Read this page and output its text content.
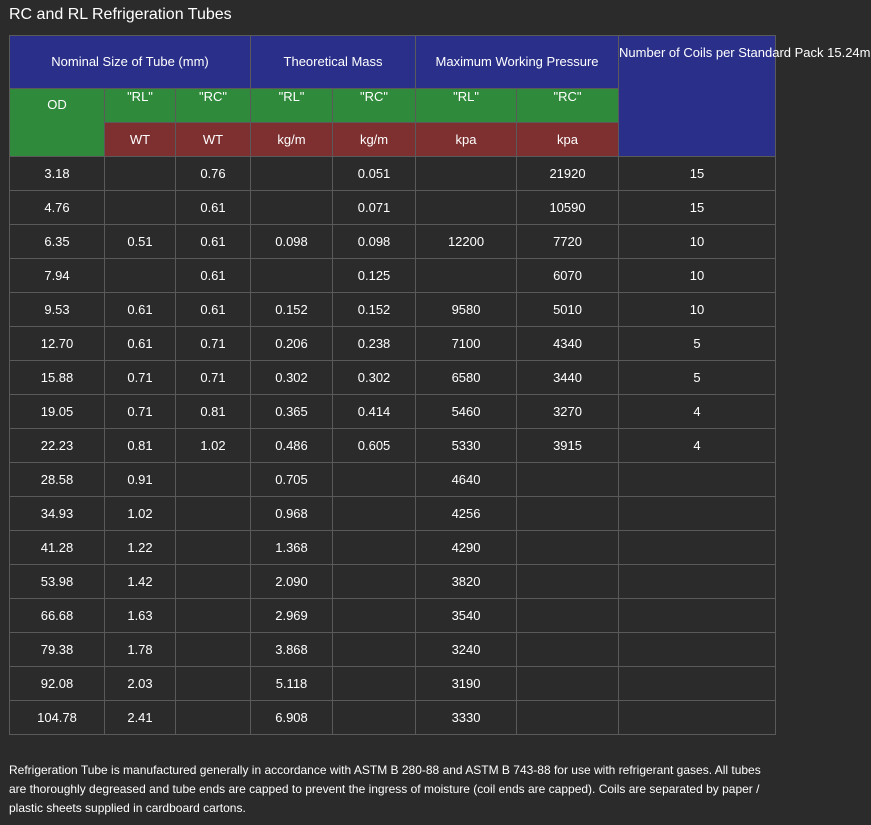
RC and RL Refrigeration Tubes
Nominal Size of Tube (mm)			Theoretical Mass		Maximum Working Pressure		Number of Coils per Standard Pack 15.24m
OD	"RL"	"RC"	"RL"	"RC"	"RL"	"RC"	
	WT	WT	kg/m	kg/m	kpa	kpa	
3.18		0.76		0.051		21920	15
4.76		0.61		0.071		10590	15
6.35	0.51	0.61	0.098	0.098	12200	7720	10
7.94		0.61		0.125		6070	10
9.53	0.61	0.61	0.152	0.152	9580	5010	10
12.70	0.61	0.71	0.206	0.238	7100	4340	5
15.88	0.71	0.71	0.302	0.302	6580	3440	5
19.05	0.71	0.81	0.365	0.414	5460	3270	4
22.23	0.81	1.02	0.486	0.605	5330	3915	4
28.58	0.91		0.705		4640		
34.93	1.02		0.968		4256		
41.28	1.22		1.368		4290		
53.98	1.42		2.090		3820		
66.68	1.63		2.969		3540		
79.38	1.78		3.868		3240		
92.08	2.03		5.118		3190		
104.78	2.41		6.908		3330		
Refrigeration Tube is manufactured generally in accordance with ASTM B 280-88 and ASTM B 743-88 for use with refrigerant gases. All tubes are thoroughly degreased and tube ends are capped to prevent the ingress of moisture (coil ends are capped). Coils are separated by paper / plastic sheets supplied in cardboard cartons.
